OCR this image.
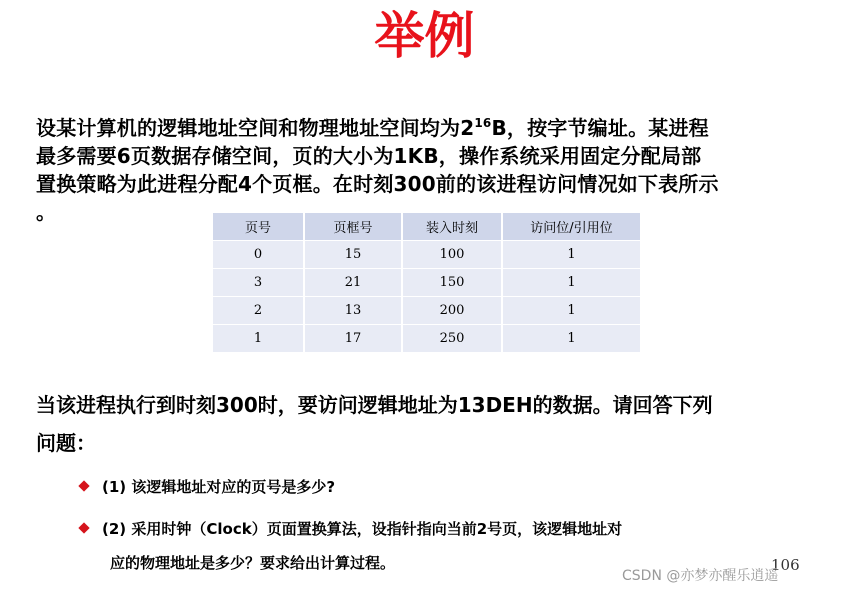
举例
设某计算机的逻辑地址空间和物理地址空间均为$2^{16}B$，按字节编址。某进程
最多需要6页数据存储空间，页的大小为1KB，操作系统采用固定分配局部
置换策略为此进程分配4个页框。在时刻300前的该进程访问情况如下表所示
。
页号	页框号	装入时刻	访问位/引用位
0	15	100	1
3	21	150	1
2	13	200	1
1	17	250	1
当该进程执行到时刻300时，要访问逻辑地址为13DEH的数据。请回答下列
问题：
(1) 该逻辑地址对应的页号是多少?
(2) 采用时钟（Clock）页面置换算法，设指针指向当前2号页，该逻辑地址对
应的物理地址是多少？要求给出计算过程。	106
CSDN @亦梦亦醒乐逍遥
